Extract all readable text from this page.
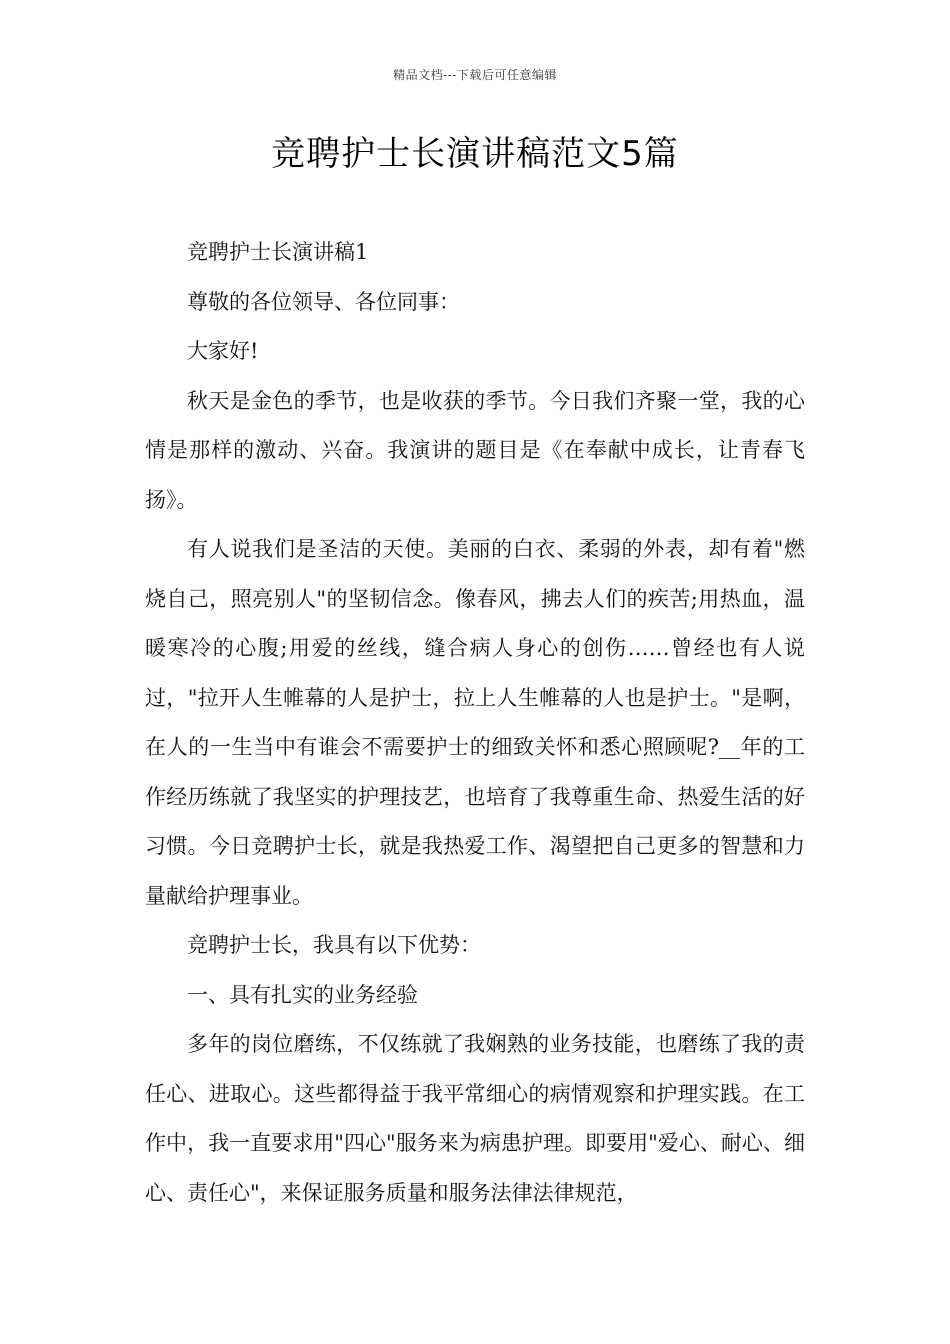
精品文档---下载后可任意编辑
竞聘护士长演讲稿范文5篇

竞聘护士长演讲稿1

尊敬的各位领导、各位同事：

大家好!

秋天是金色的季节，也是收获的季节。今日我们齐聚一堂，我的心情是那样的激动、兴奋。我演讲的题目是《在奉献中成长，让青春飞扬》。

有人说我们是圣洁的天使。美丽的白衣、柔弱的外表，却有着"燃烧自己，照亮别人"的坚韧信念。像春风，拂去人们的疾苦;用热血，温暖寒冷的心腹;用爱的丝线，缝合病人身心的创伤……曾经也有人说过，"拉开人生帷幕的人是护士，拉上人生帷幕的人也是护士。"是啊，在人的一生当中有谁会不需要护士的细致关怀和悉心照顾呢?__年的工作经历练就了我坚实的护理技艺，也培育了我尊重生命、热爱生活的好习惯。今日竞聘护士长，就是我热爱工作、渴望把自己更多的智慧和力量献给护理事业。

竞聘护士长，我具有以下优势：

一、具有扎实的业务经验

多年的岗位磨练，不仅练就了我娴熟的业务技能，也磨练了我的责任心、进取心。这些都得益于我平常细心的病情观察和护理实践。在工作中，我一直要求用"四心"服务来为病患护理。即要用"爱心、耐心、细心、责任心"，来保证服务质量和服务法律法律规范，
